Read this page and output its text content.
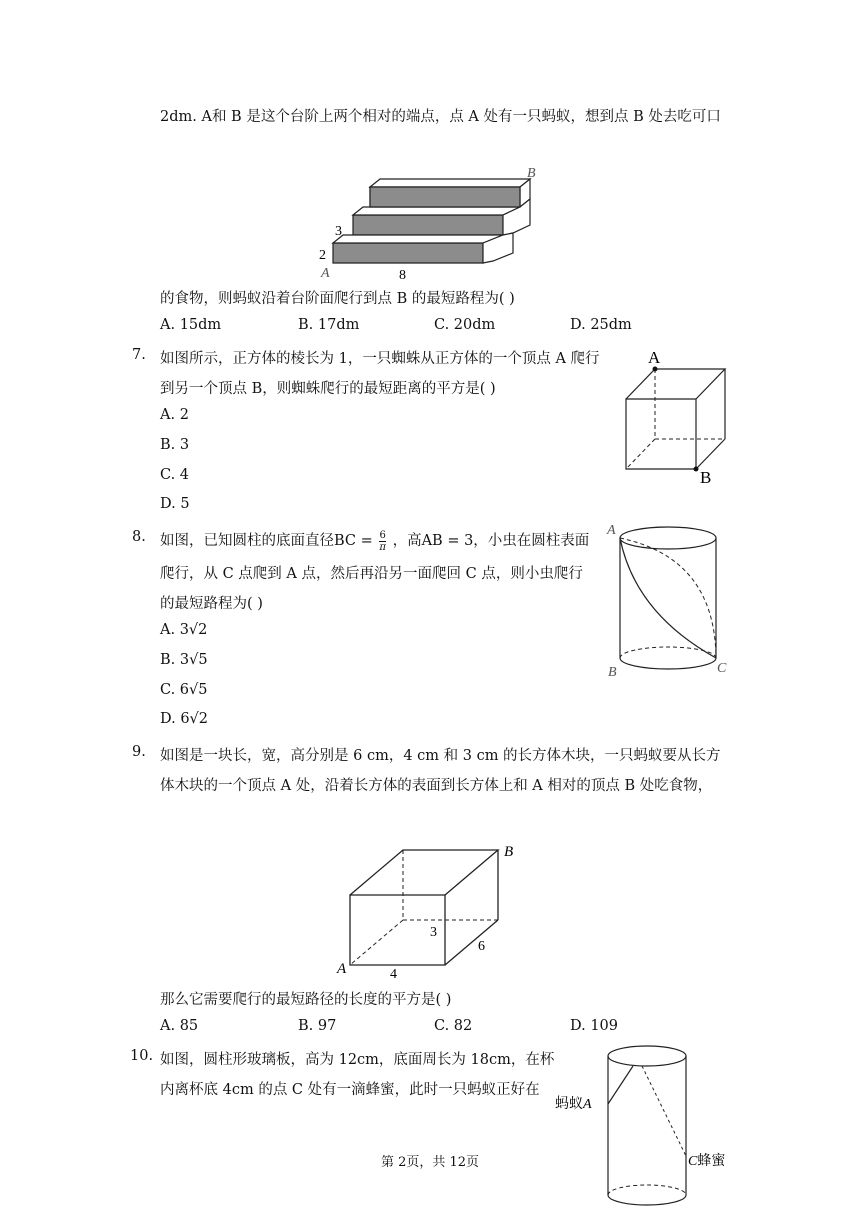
2dm. A和 B 是这个台阶上两个相对的端点，点 A 处有一只蚂蚁，想到点 B 处去吃可口
B
3
2
A	8
的食物，则蚂蚁沿着台阶面爬行到点 B 的最短路程为( )
A. 15dm	B. 17dm	C. 20dm	D. 25dm
7. 如图所示，正方体的棱长为 1，一只蜘蛛从正方体的一个顶点 A 爬行
到另一个顶点 B，则蜘蛛爬行的最短距离的平方是( )
A. 2
B. 3
C. 4
D. 5
A
B
8. 如图，已知圆柱的底面直径BC = $\frac{6}{\pi}$ ，高AB = 3，小虫在圆柱表面
爬行，从 C 点爬到 A 点，然后再沿另一面爬回 C 点，则小虫爬行
的最短路程为( )
A. 3√2
B. 3√5
C. 6√5
D. 6√2
A
B	C
9. 如图是一块长，宽，高分别是 6 cm，4 cm 和 3 cm 的长方体木块，一只蚂蚁要从长方
体木块的一个顶点 A 处，沿着长方体的表面到长方体上和 A 相对的顶点 B 处吃食物，
B
A
3
6
4
那么它需要爬行的最短路径的长度的平方是( )
A. 85	B. 97	C. 82	D. 109
10. 如图，圆柱形玻璃板，高为 12cm，底面周长为 18cm，在杯
内离杯底 4cm 的点 C 处有一滴蜂蜜，此时一只蚂蚁正好在
蚂蚁A
C蜂蜜
第 2页，共 12页
